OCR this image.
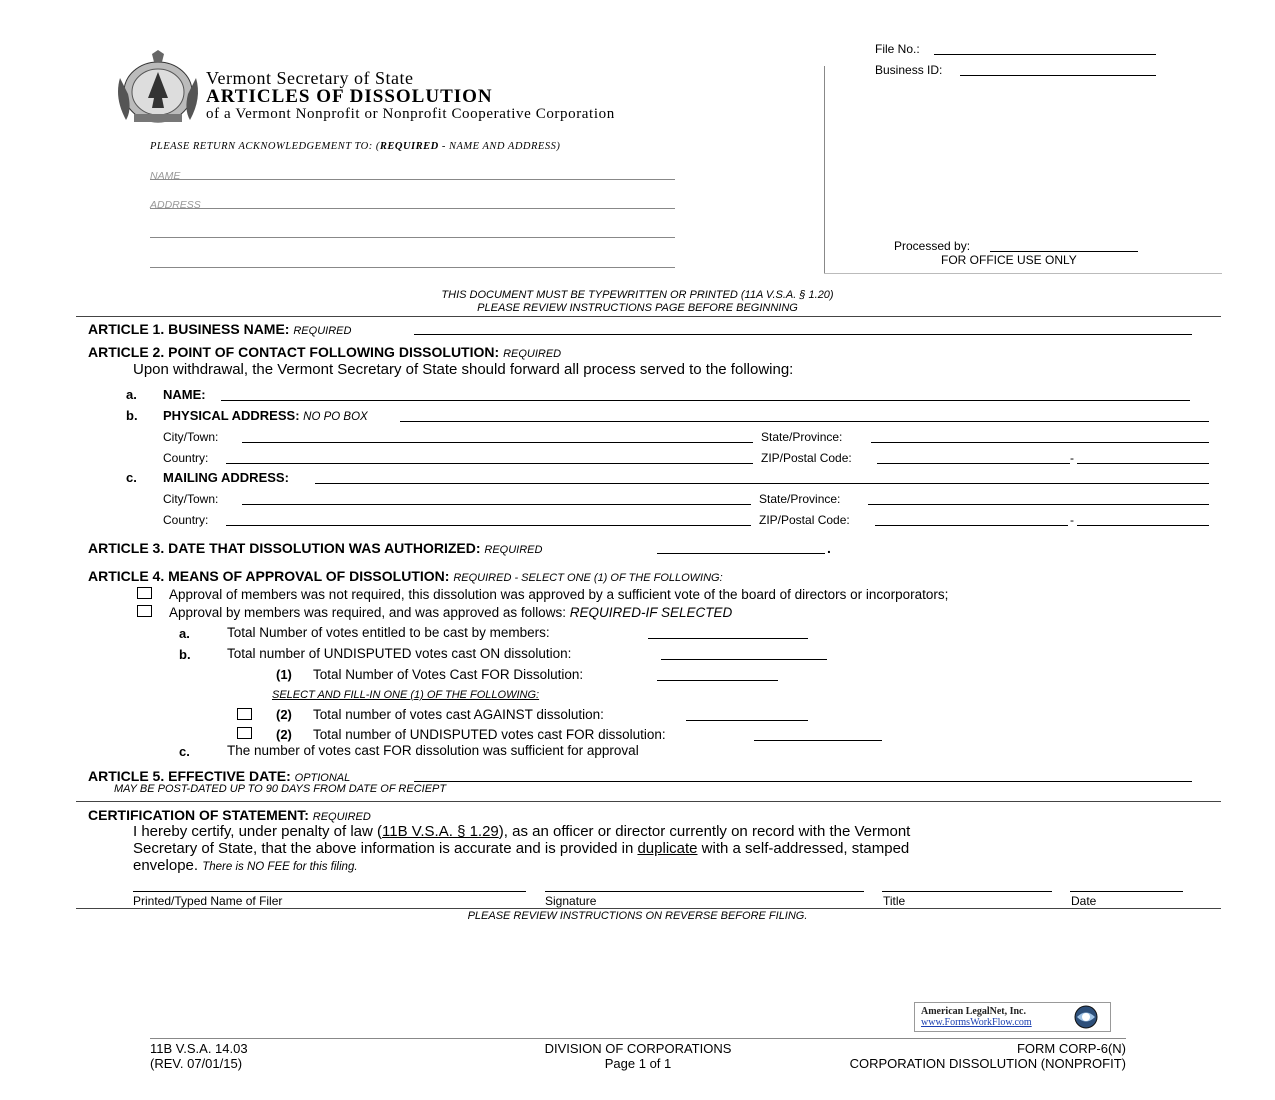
Vermont Secretary of State
ARTICLES OF DISSOLUTION
of a Vermont Nonprofit or Nonprofit Cooperative Corporation
PLEASE RETURN ACKNOWLEDGEMENT TO: (REQUIRED - NAME AND ADDRESS)
NAME
ADDRESS
File No.:
Business ID:
Processed by:
FOR OFFICE USE ONLY
THIS DOCUMENT MUST BE TYPEWRITTEN OR PRINTED (11A V.S.A. § 1.20)
PLEASE REVIEW INSTRUCTIONS PAGE BEFORE BEGINNING
ARTICLE 1. BUSINESS NAME: REQUIRED
ARTICLE 2. POINT OF CONTACT FOLLOWING DISSOLUTION: REQUIRED
Upon withdrawal, the Vermont Secretary of State should forward all process served to the following:
a. NAME:
b. PHYSICAL ADDRESS: NO PO BOX
City/Town:	State/Province:
Country:	ZIP/Postal Code:	-
c. MAILING ADDRESS:
City/Town:	State/Province:
Country:	ZIP/Postal Code:	-
ARTICLE 3. DATE THAT DISSOLUTION WAS AUTHORIZED: REQUIRED	.
ARTICLE 4. MEANS OF APPROVAL OF DISSOLUTION: REQUIRED - SELECT ONE (1) OF THE FOLLOWING:
Approval of members was not required, this dissolution was approved by a sufficient vote of the board of directors or incorporators;
Approval by members was required, and was approved as follows: REQUIRED-IF SELECTED
a.	Total Number of votes entitled to be cast by members:
b.	Total number of UNDISPUTED votes cast ON dissolution:
(1) Total Number of Votes Cast FOR Dissolution:
SELECT AND FILL-IN ONE (1) OF THE FOLLOWING:
(2) Total number of votes cast AGAINST dissolution:
(2) Total number of UNDISPUTED votes cast FOR dissolution:
c.	The number of votes cast FOR dissolution was sufficient for approval
ARTICLE 5. EFFECTIVE DATE: OPTIONAL
MAY BE POST-DATED UP TO 90 DAYS FROM DATE OF RECIEPT
CERTIFICATION OF STATEMENT: REQUIRED
I hereby certify, under penalty of law (11B V.S.A. § 1.29), as an officer or director currently on record with the Vermont
Secretary of State, that the above information is accurate and is provided in duplicate with a self-addressed, stamped
envelope. There is NO FEE for this filing.
Printed/Typed Name of Filer	Signature	Title	Date
PLEASE REVIEW INSTRUCTIONS ON REVERSE BEFORE FILING.
American LegalNet, Inc.
www.FormsWorkFlow.com
11B V.S.A. 14.03
(REV. 07/01/15)
DIVISION OF CORPORATIONS
Page 1 of 1
FORM CORP-6(N)
CORPORATION DISSOLUTION (NONPROFIT)
